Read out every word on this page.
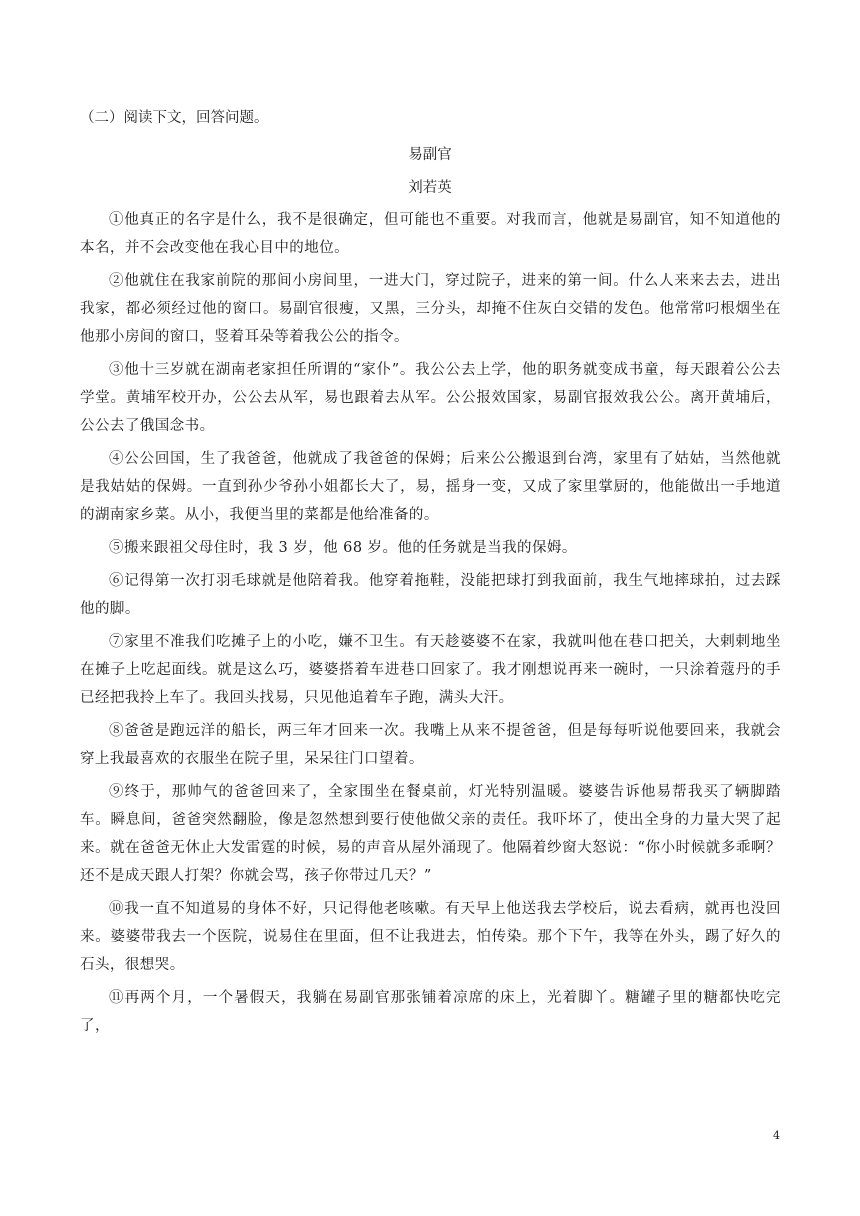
（二）阅读下文，回答问题。
易副官
刘若英

①他真正的名字是什么，我不是很确定，但可能也不重要。对我而言，他就是易副官，知不知道他的本名，并不会改变他在我心目中的地位。

②他就住在我家前院的那间小房间里，一进大门，穿过院子，进来的第一间。什么人来来去去，进出我家，都必须经过他的窗口。易副官很瘦，又黑，三分头，却掩不住灰白交错的发色。他常常叼根烟坐在他那小房间的窗口，竖着耳朵等着我公公的指令。

③他十三岁就在湖南老家担任所谓的“家仆”。我公公去上学，他的职务就变成书童，每天跟着公公去学堂。黄埔军校开办，公公去从军，易也跟着去从军。公公报效国家，易副官报效我公公。离开黄埔后，公公去了俄国念书。

④公公回国，生了我爸爸，他就成了我爸爸的保姆；后来公公搬退到台湾，家里有了姑姑，当然他就是我姑姑的保姆。一直到孙少爷孙小姐都长大了，易，摇身一变，又成了家里掌厨的，他能做出一手地道的湖南家乡菜。从小，我便当里的菜都是他给准备的。

⑤搬来跟祖父母住时，我 3 岁，他 68 岁。他的任务就是当我的保姆。

⑥记得第一次打羽毛球就是他陪着我。他穿着拖鞋，没能把球打到我面前，我生气地摔球拍，过去踩他的脚。

⑦家里不准我们吃摊子上的小吃，嫌不卫生。有天趁婆婆不在家，我就叫他在巷口把关，大剌剌地坐在摊子上吃起面线。就是这么巧，婆婆搭着车进巷口回家了。我才刚想说再来一碗时，一只涂着蔻丹的手已经把我拎上车了。我回头找易，只见他追着车子跑，满头大汗。

⑧爸爸是跑远洋的船长，两三年才回来一次。我嘴上从来不提爸爸，但是每每听说他要回来，我就会穿上我最喜欢的衣服坐在院子里，呆呆往门口望着。

⑨终于，那帅气的爸爸回来了，全家围坐在餐桌前，灯光特别温暖。婆婆告诉他易帮我买了辆脚踏车。瞬息间，爸爸突然翻脸，像是忽然想到要行使他做父亲的责任。我吓坏了，使出全身的力量大哭了起来。就在爸爸无休止大发雷霆的时候，易的声音从屋外涌现了。他隔着纱窗大怒说：“你小时候就多乖啊？还不是成天跟人打架？你就会骂，孩子你带过几天？”

⑩我一直不知道易的身体不好，只记得他老咳嗽。有天早上他送我去学校后，说去看病，就再也没回来。婆婆带我去一个医院，说易住在里面，但不让我进去，怕传染。那个下午，我等在外头，踢了好久的石头，很想哭。

⑪再两个月，一个暑假天，我躺在易副官那张铺着凉席的床上，光着脚丫。糖罐子里的糖都快吃完了，

4
